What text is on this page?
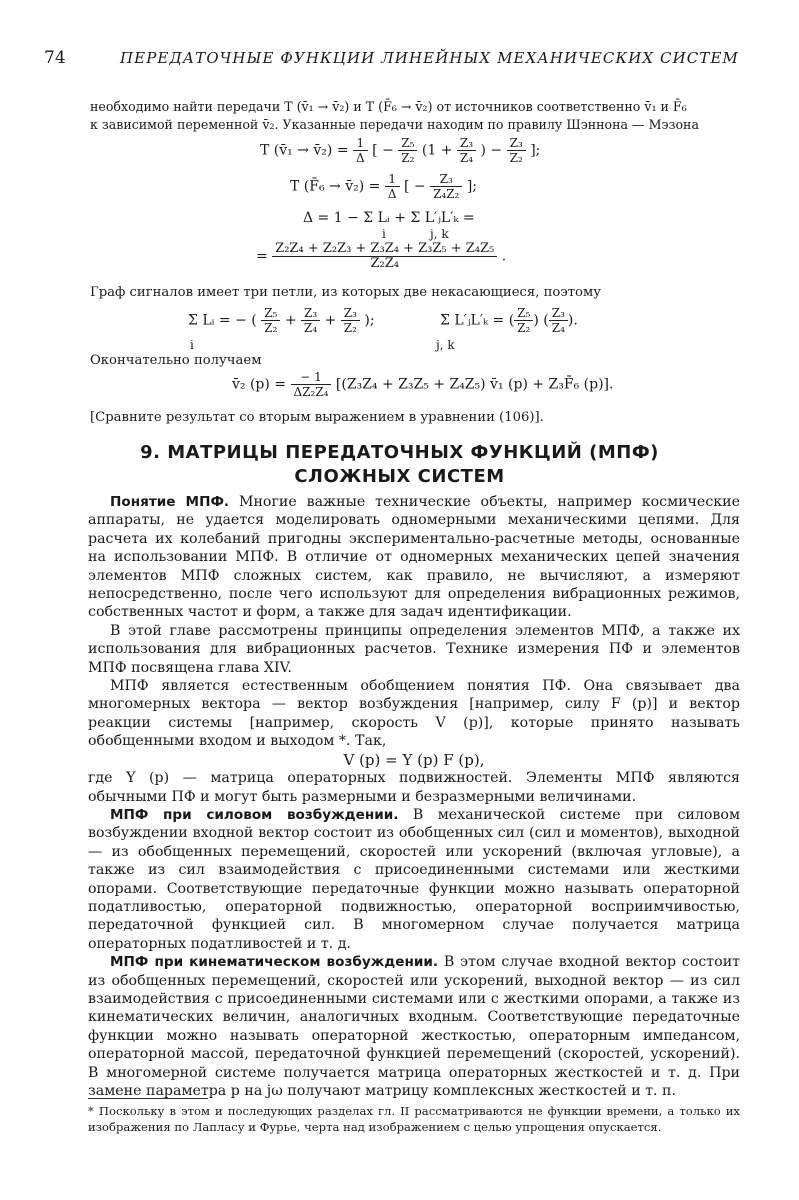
74	ПЕРЕДАТОЧНЫЕ ФУНКЦИИ ЛИНЕЙНЫХ МЕХАНИЧЕСКИХ СИСТЕМ
необходимо найти передачи T (v̄₁ → v̄₂) и T (F̄₆ → v̄₂) от источников соответственно v̄₁ и F̄₆
к зависимой переменной v̄₂. Указанные передачи находим по правилу Шэннона — Мэзона
T (v̄₁ → v̄₂) = $\frac{1}{\Delta}$ [ − $\frac{\text{Z₅}}{\text{Z₂}} (1 + \frac{\text{Z₃}}{\text{Z₄}}$ ) − $\frac{\text{Z₃}}{\text{Z₂}}$ ];
T (F̄₆ → v̄₂) = $\frac{1}{\Delta}$ [ − $\frac{\text{Z₃}}{\text{Z₄Z₂}}$ ];
Δ = 1 − Σ Lᵢ + Σ L′ⱼL′ₖ =
i	j, k
= $\frac{\text{Z₂Z₄ + Z₂Z₃ + Z₃Z₄ + Z₃Z₅ + Z₄Z₅}}{\text{Z₂Z₄}}$ .
Граф сигналов имеет три петли, из которых две некасающиеся, поэтому
Σ Lᵢ = − ( $\frac{\text{Z₅}}{\text{Z₂}} + \frac{\text{Z₃}}{\text{Z₄}} + \frac{\text{Z₃}}{\text{Z₂}}$ );
i
Σ L′ⱼL′ₖ = ( $\frac{\text{Z₅}}{\text{Z₂}}$ ) ( $\frac{\text{Z₃}}{\text{Z₄}}$ ).
j, k
Окончательно получаем
v̄₂ $(p) = \frac{- 1}{\text{ΔZ₂Z₄}} [(Z_3Z_4 + Z_3Z_5 + Z_4Z_5)$ v̄₁ (p) + Z₃F̄₆ (p)].
[Сравните результат со вторым выражением в уравнении (106)].
9. МАТРИЦЫ ПЕРЕДАТОЧНЫХ ФУНКЦИЙ (МПФ)
СЛОЖНЫХ СИСТЕМ

Понятие МПФ. Многие важные технические объекты, например космические аппараты, не удается моделировать одномерными механическими цепями. Для расчета их колебаний пригодны экспериментально-расчетные методы, основанные на использовании МПФ. В отличие от одномерных механических цепей значения элементов МПФ сложных систем, как правило, не вычисляют, а измеряют непосредственно, после чего используют для определения вибрационных режимов, собственных частот и форм, а также для задач идентификации.

В этой главе рассмотрены принципы определения элементов МПФ, а также их использования для вибрационных расчетов. Технике измерения ПФ и элементов МПФ посвящена глава XIV.

МПФ является естественным обобщением понятия ПФ. Она связывает два многомерных вектора — вектор возбуждения [например, силу F (p)] и вектор реакции системы [например, скорость V (p)], которые принято называть обобщенными входом и выходом *. Так,

V (p) = Y (p) F (p),

где Y (p) — матрица операторных подвижностей. Элементы МПФ являются обычными ПФ и могут быть размерными и безразмерными величинами.

МПФ при силовом возбуждении. В механической системе при силовом возбуждении входной вектор состоит из обобщенных сил (сил и моментов), выходной — из обобщенных перемещений, скоростей или ускорений (включая угловые), а также из сил взаимодействия с присоединенными системами или жесткими опорами. Соответствующие передаточные функции можно называть операторной податливостью, операторной подвижностью, операторной восприимчивостью, передаточной функцией сил. В многомерном случае получается матрица операторных податливостей и т. д.

МПФ при кинематическом возбуждении. В этом случае входной вектор состоит из обобщенных перемещений, скоростей или ускорений, выходной вектор — из сил взаимодействия с присоединенными системами или с жесткими опорами, а также из кинематических величин, аналогичных входным. Соответствующие передаточные функции можно называть операторной жесткостью, операторным импедансом, операторной массой, передаточной функцией перемещений (скоростей, ускорений). В многомерной системе получается матрица операторных жесткостей и т. д. При замене параметра p на jω получают матрицу комплексных жесткостей и т. п.

* Поскольку в этом и последующих разделах гл. II рассматриваются не функции времени, а только их изображения по Лапласу и Фурье, черта над изображением с целью упрощения опускается.
